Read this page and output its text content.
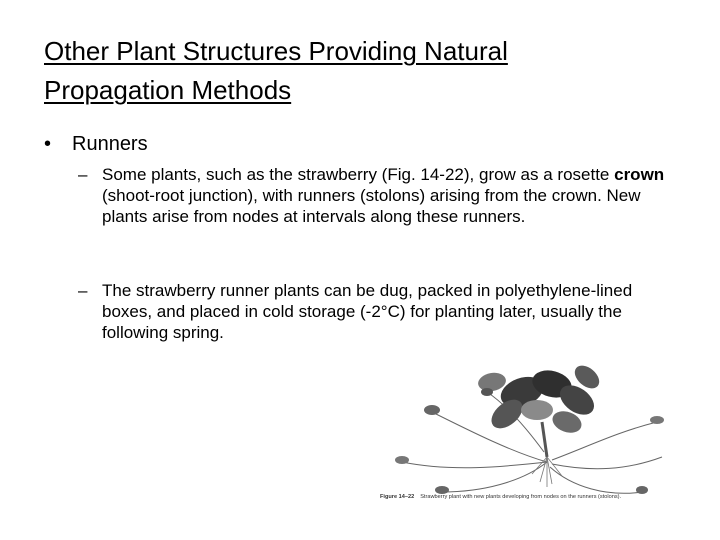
Other Plant Structures Providing Natural
Propagation Methods
• Runners
– Some plants, such as the strawberry (Fig. 14-22), grow as a rosette crown (shoot-root junction), with runners (stolons) arising from the crown. New plants arise from nodes at intervals along these runners.
– The strawberry runner plants can be dug, packed in polyethylene-lined boxes, and placed in cold storage (-2°C) for planting later, usually the following spring.
Figure 14–22 Strawberry plant with new plants developing from nodes on the runners (stolons).
